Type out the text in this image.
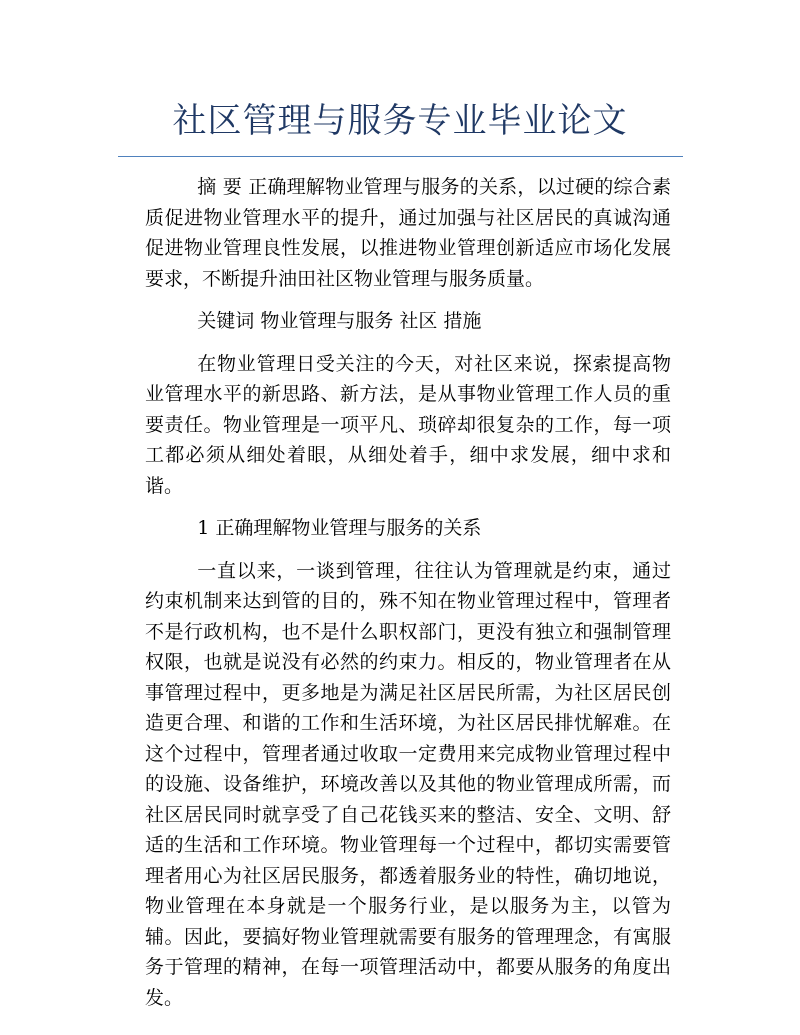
社区管理与服务专业毕业论文

摘 要 正确理解物业管理与服务的关系，以过硬的综合素质促进物业管理水平的提升，通过加强与社区居民的真诚沟通促进物业管理良性发展，以推进物业管理创新适应市场化发展要求，不断提升油田社区物业管理与服务质量。

关键词 物业管理与服务 社区 措施

在物业管理日受关注的今天，对社区来说，探索提高物业管理水平的新思路、新方法，是从事物业管理工作人员的重要责任。物业管理是一项平凡、琐碎却很复杂的工作，每一项工都必须从细处着眼，从细处着手，细中求发展，细中求和谐。

1 正确理解物业管理与服务的关系

一直以来，一谈到管理，往往认为管理就是约束，通过约束机制来达到管的目的，殊不知在物业管理过程中，管理者不是行政机构，也不是什么职权部门，更没有独立和强制管理权限，也就是说没有必然的约束力。相反的，物业管理者在从事管理过程中，更多地是为满足社区居民所需，为社区居民创造更合理、和谐的工作和生活环境，为社区居民排忧解难。在这个过程中，管理者通过收取一定费用来完成物业管理过程中的设施、设备维护，环境改善以及其他的物业管理成所需，而社区居民同时就享受了自己花钱买来的整洁、安全、文明、舒适的生活和工作环境。物业管理每一个过程中，都切实需要管理者用心为社区居民服务，都透着服务业的特性，确切地说，物业管理在本身就是一个服务行业，是以服务为主，以管为辅。因此，要搞好物业管理就需要有服务的管理理念，有寓服务于管理的精神，在每一项管理活动中，都要从服务的角度出发。
